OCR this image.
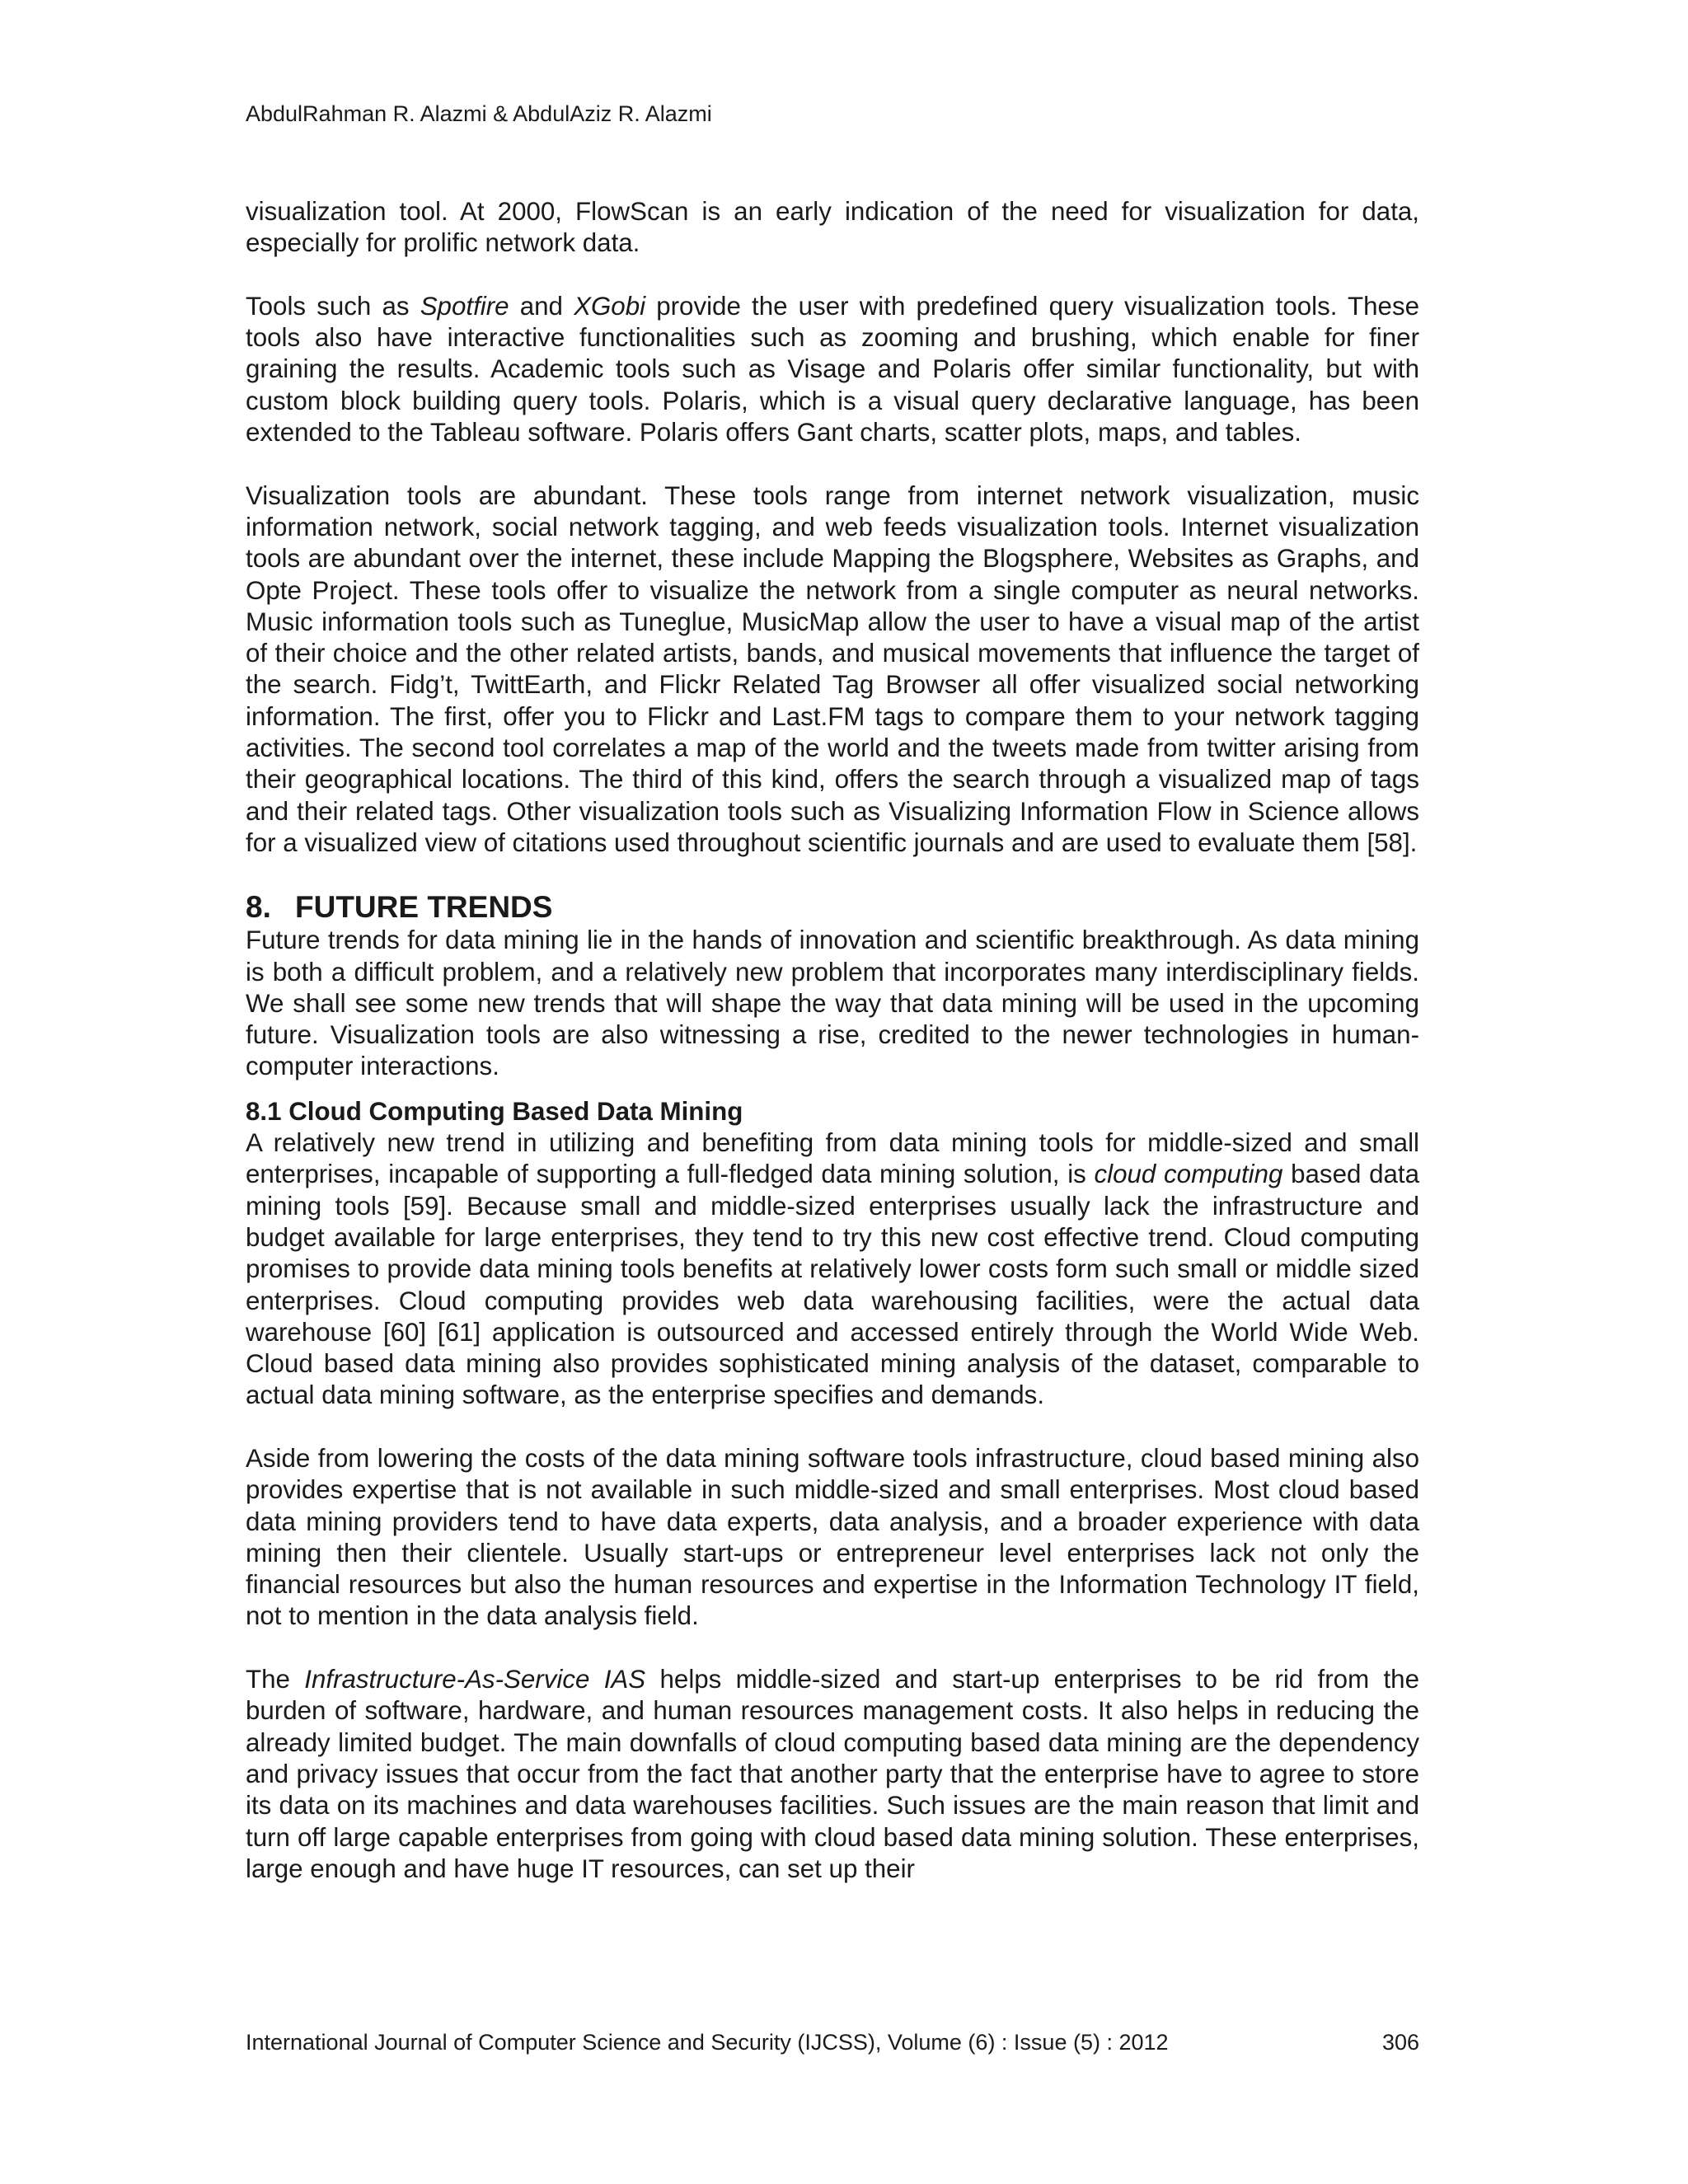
AbdulRahman R. Alazmi & AbdulAziz R. Alazmi

visualization tool. At 2000, FlowScan is an early indication of the need for visualization for data, especially for prolific network data.

Tools such as Spotfire and XGobi provide the user with predefined query visualization tools. These tools also have interactive functionalities such as zooming and brushing, which enable for finer graining the results. Academic tools such as Visage and Polaris offer similar functionality, but with custom block building query tools. Polaris, which is a visual query declarative language, has been extended to the Tableau software. Polaris offers Gant charts, scatter plots, maps, and tables.

Visualization tools are abundant. These tools range from internet network visualization, music information network, social network tagging, and web feeds visualization tools. Internet visualization tools are abundant over the internet, these include Mapping the Blogsphere, Websites as Graphs, and Opte Project. These tools offer to visualize the network from a single computer as neural networks. Music information tools such as Tuneglue, MusicMap allow the user to have a visual map of the artist of their choice and the other related artists, bands, and musical movements that influence the target of the search. Fidg’t, TwittEarth, and Flickr Related Tag Browser all offer visualized social networking information. The first, offer you to Flickr and Last.FM tags to compare them to your network tagging activities. The second tool correlates a map of the world and the tweets made from twitter arising from their geographical locations. The third of this kind, offers the search through a visualized map of tags and their related tags. Other visualization tools such as Visualizing Information Flow in Science allows for a visualized view of citations used throughout scientific journals and are used to evaluate them [58].

8. FUTURE TRENDS

Future trends for data mining lie in the hands of innovation and scientific breakthrough. As data mining is both a difficult problem, and a relatively new problem that incorporates many interdisciplinary fields. We shall see some new trends that will shape the way that data mining will be used in the upcoming future. Visualization tools are also witnessing a rise, credited to the newer technologies in human-computer interactions.

8.1 Cloud Computing Based Data Mining

A relatively new trend in utilizing and benefiting from data mining tools for middle-sized and small enterprises, incapable of supporting a full-fledged data mining solution, is cloud computing based data mining tools [59]. Because small and middle-sized enterprises usually lack the infrastructure and budget available for large enterprises, they tend to try this new cost effective trend. Cloud computing promises to provide data mining tools benefits at relatively lower costs form such small or middle sized enterprises. Cloud computing provides web data warehousing facilities, were the actual data warehouse [60] [61] application is outsourced and accessed entirely through the World Wide Web. Cloud based data mining also provides sophisticated mining analysis of the dataset, comparable to actual data mining software, as the enterprise specifies and demands.

Aside from lowering the costs of the data mining software tools infrastructure, cloud based mining also provides expertise that is not available in such middle-sized and small enterprises. Most cloud based data mining providers tend to have data experts, data analysis, and a broader experience with data mining then their clientele. Usually start-ups or entrepreneur level enterprises lack not only the financial resources but also the human resources and expertise in the Information Technology IT field, not to mention in the data analysis field.

The Infrastructure-As-Service IAS helps middle-sized and start-up enterprises to be rid from the burden of software, hardware, and human resources management costs. It also helps in reducing the already limited budget. The main downfalls of cloud computing based data mining are the dependency and privacy issues that occur from the fact that another party that the enterprise have to agree to store its data on its machines and data warehouses facilities. Such issues are the main reason that limit and turn off large capable enterprises from going with cloud based data mining solution. These enterprises, large enough and have huge IT resources, can set up their

International Journal of Computer Science and Security (IJCSS), Volume (6) : Issue (5) : 2012	306
